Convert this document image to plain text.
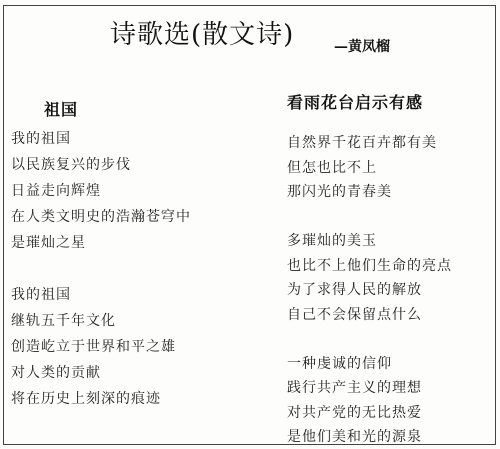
诗歌选(散文诗)	—黄凤榴
祖国
我的祖国
以民族复兴的步伐
日益走向辉煌
在人类文明史的浩瀚苍穹中
是璀灿之星
我的祖国
继轨五千年文化
创造屹立于世界和平之雄
对人类的贡献
将在历史上刻深的痕迹
看雨花台启示有感
自然界千花百卉都有美
但怎也比不上
那闪光的青春美
多璀灿的美玉
也比不上他们生命的亮点
为了求得人民的解放
自己不会保留点什么
一种虔诚的信仰
践行共产主义的理想
对共产党的无比热爱
是他们美和光的源泉
